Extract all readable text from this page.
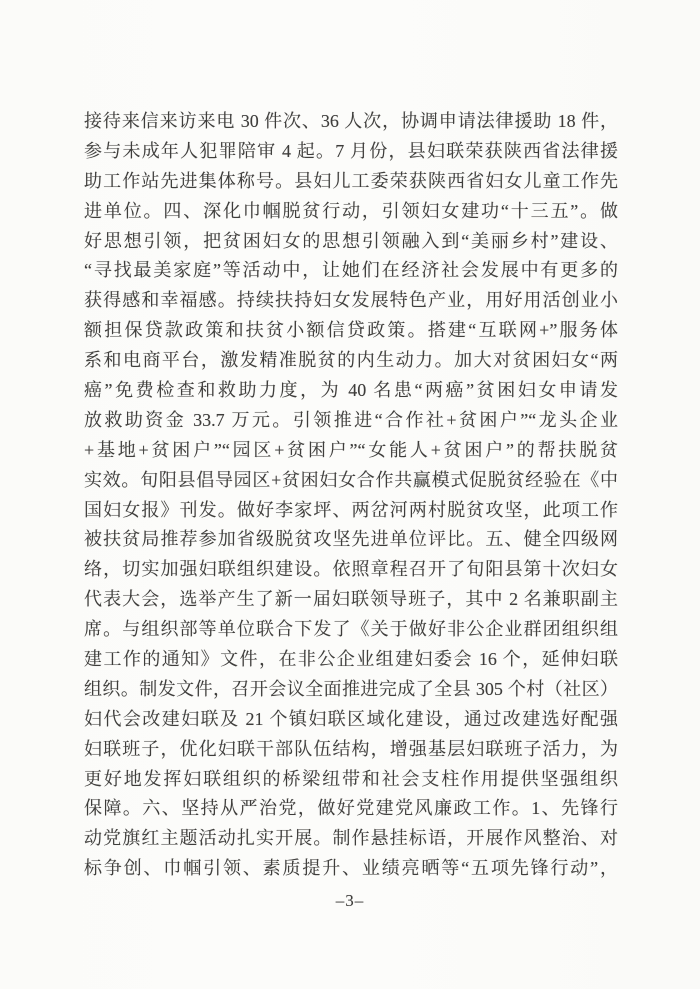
接待来信来访来电 30 件次、36 人次，协调申请法律援助 18 件，
参与未成年人犯罪陪审 4 起。7 月份，县妇联荣获陕西省法律援
助工作站先进集体称号。县妇儿工委荣获陕西省妇女儿童工作先
进单位。四、深化巾帼脱贫行动，引领妇女建功“十三五”。做
好思想引领，把贫困妇女的思想引领融入到“美丽乡村”建设、
“寻找最美家庭”等活动中，让她们在经济社会发展中有更多的
获得感和幸福感。持续扶持妇女发展特色产业，用好用活创业小
额担保贷款政策和扶贫小额信贷政策。搭建“互联网+”服务体
系和电商平台，激发精准脱贫的内生动力。加大对贫困妇女“两
癌”免费检查和救助力度，为 40 名患“两癌”贫困妇女申请发
放救助资金 33.7 万元。引领推进“合作社+贫困户”“龙头企业
+基地+贫困户”“园区+贫困户”“女能人+贫困户”的帮扶脱贫
实效。旬阳县倡导园区+贫困妇女合作共赢模式促脱贫经验在《中
国妇女报》刊发。做好李家坪、两岔河两村脱贫攻坚，此项工作
被扶贫局推荐参加省级脱贫攻坚先进单位评比。五、健全四级网
络，切实加强妇联组织建设。依照章程召开了旬阳县第十次妇女
代表大会，选举产生了新一届妇联领导班子，其中 2 名兼职副主
席。与组织部等单位联合下发了《关于做好非公企业群团组织组
建工作的通知》文件，在非公企业组建妇委会 16 个，延伸妇联
组织。制发文件，召开会议全面推进完成了全县 305 个村（社区）
妇代会改建妇联及 21 个镇妇联区域化建设，通过改建选好配强
妇联班子，优化妇联干部队伍结构，增强基层妇联班子活力，为
更好地发挥妇联组织的桥梁纽带和社会支柱作用提供坚强组织
保障。六、坚持从严治党，做好党建党风廉政工作。1、先锋行
动党旗红主题活动扎实开展。制作悬挂标语，开展作风整治、对
标争创、巾帼引领、素质提升、业绩亮晒等“五项先锋行动”，
–3–
